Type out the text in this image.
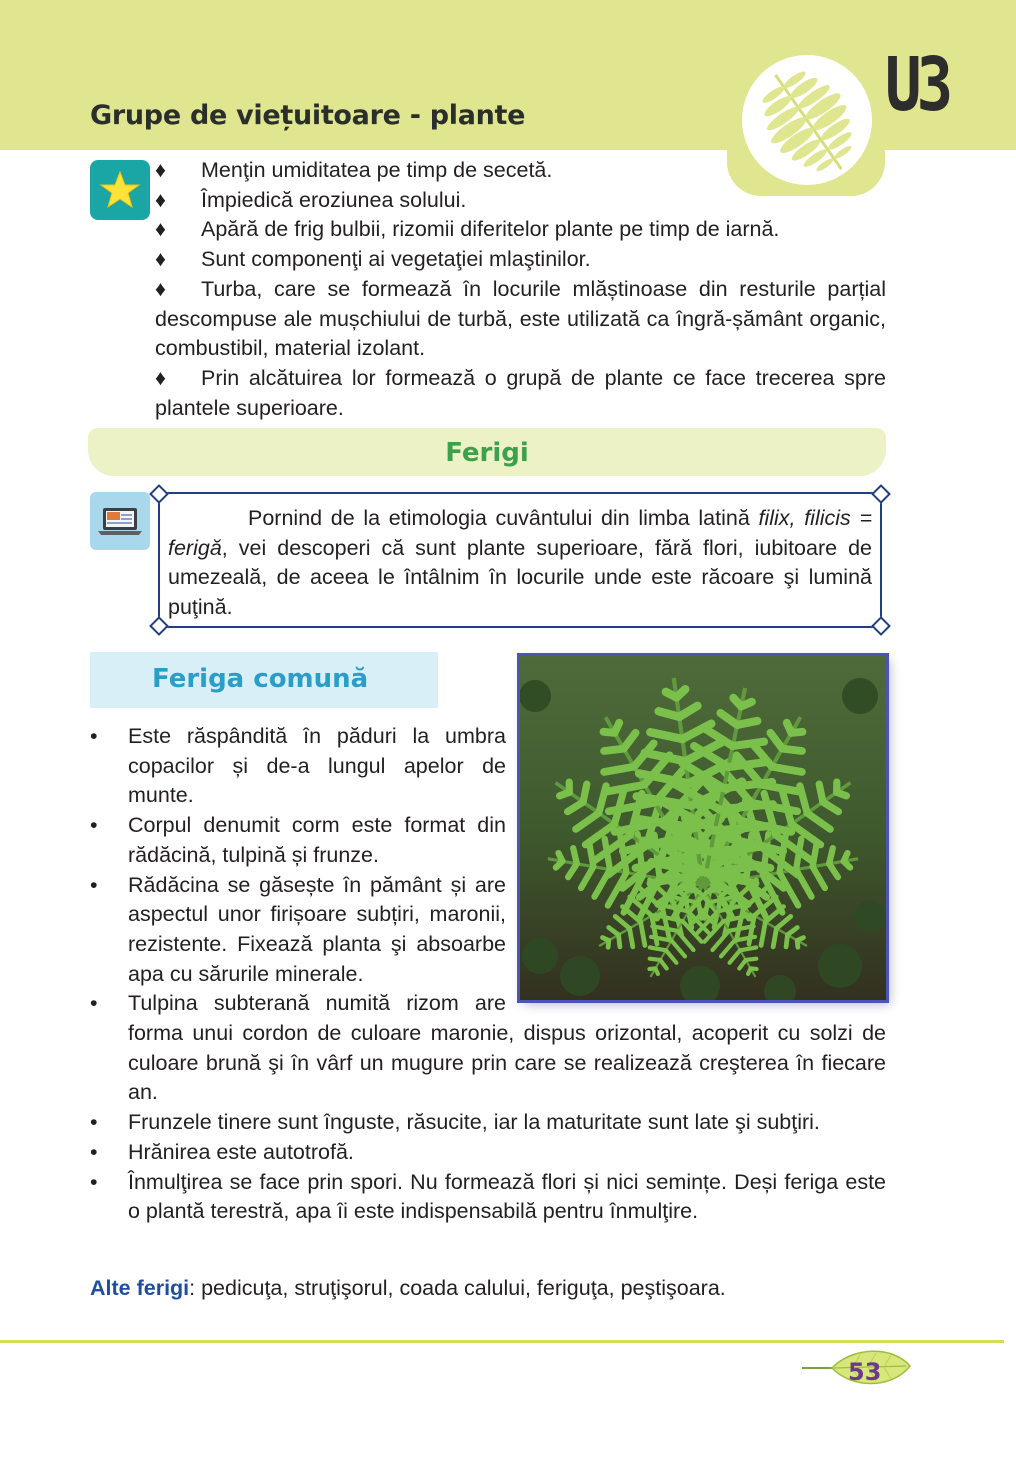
Grupe de viețuitoare - plante	U3
♦ Menţin umiditatea pe timp de secetă.
♦ Împiedică eroziunea solului.
♦ Apără de frig bulbii, rizomii diferitelor plante pe timp de iarnă.
♦ Sunt componenţi ai vegetaţiei mlaştinilor.
♦ Turba, care se formează în locurile mlăștinoase din resturile parțial descompuse ale mușchiului de turbă, este utilizată ca îngră-șământ organic, combustibil, material izolant.
♦ Prin alcătuirea lor formează o grupă de plante ce face trecerea spre plantele superioare.
Ferigi
Pornind de la etimologia cuvântului din limba latină filix, filicis = ferigă, vei descoperi că sunt plante superioare, fără flori, iubitoare de umezeală, de aceea le întâlnim în locurile unde este răcoare şi lumină puţină.
Feriga comună
• Este răspândită în păduri la umbra copacilor și de-a lungul apelor de munte.
• Corpul denumit corm este format din rădăcină, tulpină și frunze.
• Rădăcina se găsește în pământ și are aspectul unor firișoare subțiri, maronii, rezistente. Fixează planta şi absoarbe apa cu sărurile minerale.
• Tulpina subterană numită rizom are forma unui cordon de culoare maronie, dispus orizontal, acoperit cu solzi de culoare brună şi în vârf un mugure prin care se realizează creşterea în fiecare an.
• Frunzele tinere sunt înguste, răsucite, iar la maturitate sunt late şi subţiri.
• Hrănirea este autotrofă.
• Înmulţirea se face prin spori. Nu formează flori și nici semințe. Deși feriga este o plantă terestră, apa îi este indispensabilă pentru înmulţire.
Alte ferigi: pedicuţa, struţişorul, coada calului, feriguţa, peştişoara.
53
